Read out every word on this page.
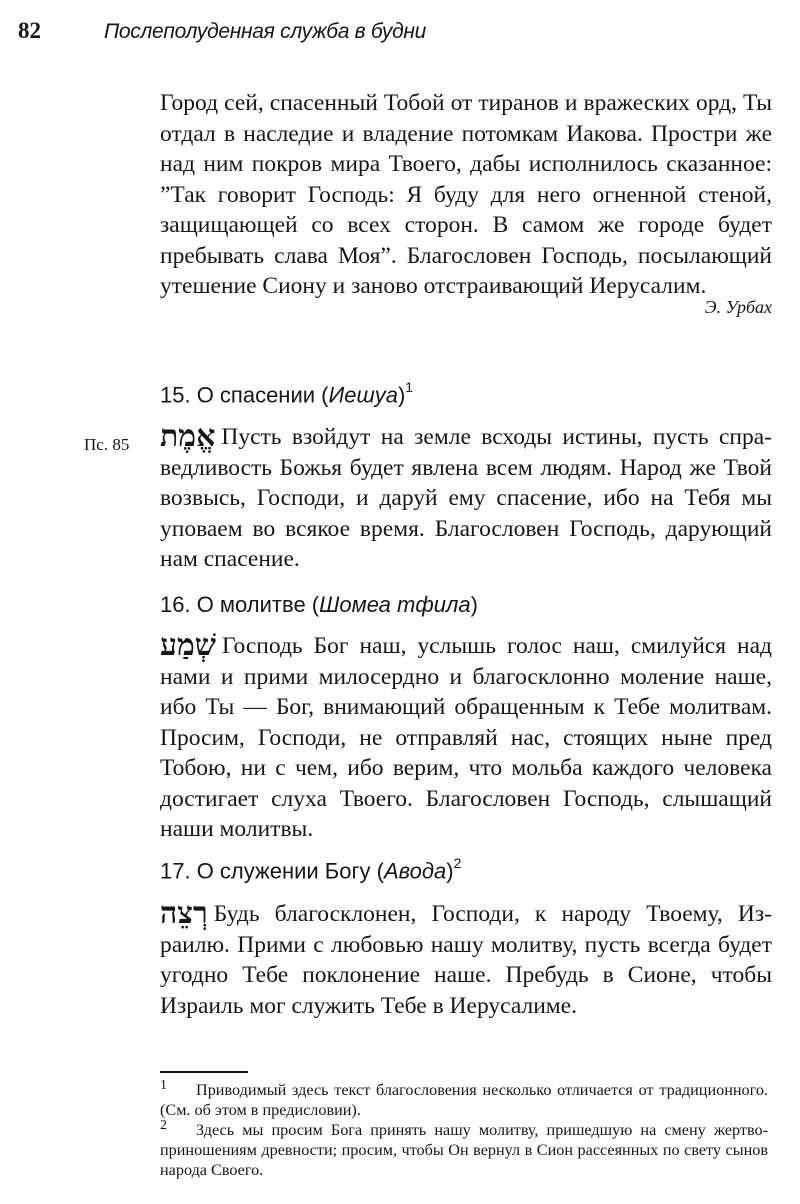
82	Послеполуденная служба в будни

Город сей, спасенный Тобой от тиранов и вражеских орд, Ты отдал в наследие и владение потомкам Иакова. Простри же над ним покров мира Твоего, дабы исполнилось сказанное: ”Так говорит Господь: Я буду для него огненной стеной, защищающей со всех сторон. В самом же городе будет пребывать слава Моя”. Благословен Господь, посылающий утешение Сиону и заново отстраивающий Иерусалим.

Э. Урбах
15. О спасении (Иешуа)$^1$
Пс. 85 אֱמֶת Пусть взойдут на земле всходы истины, пусть справедливость Божья будет явлена всем людям. Народ же Твой возвысь, Господи, и даруй ему спасение, ибо на Тебя мы уповаем во всякое время. Благословен Господь, дарующий нам спасение.

16. О молитве (Шомеа тфила)

שְׁמַע Господь Бог наш, услышь голос наш, смилуйся над нами и прими милосердно и благосклонно моление наше, ибо Ты — Бог, внимающий обращенным к Тебе молитвам. Просим, Господи, не отправляй нас, стоящих ныне пред Тобою, ни с чем, ибо верим, что мольба каждого человека достигает слуха Твоего. Благословен Господь, слышащий наши молитвы.

17. О служении Богу (Авода)$^2$

רְצֵה Будь благосклонен, Господи, к народу Твоему, Израилю. Прими с любовью нашу молитву, пусть всегда будет угодно Тебе поклонение наше. Пребудь в Сионе, чтобы Израиль мог служить Тебе в Иерусалиме.

1 Приводимый здесь текст благословения несколько отличается от традиционного. (См. об этом в предисловии).
2 Здесь мы просим Бога принять нашу молитву, пришедшую на смену жертвоприношениям древности; просим, чтобы Он вернул в Сион рассеянных по свету сынов народа Своего.
